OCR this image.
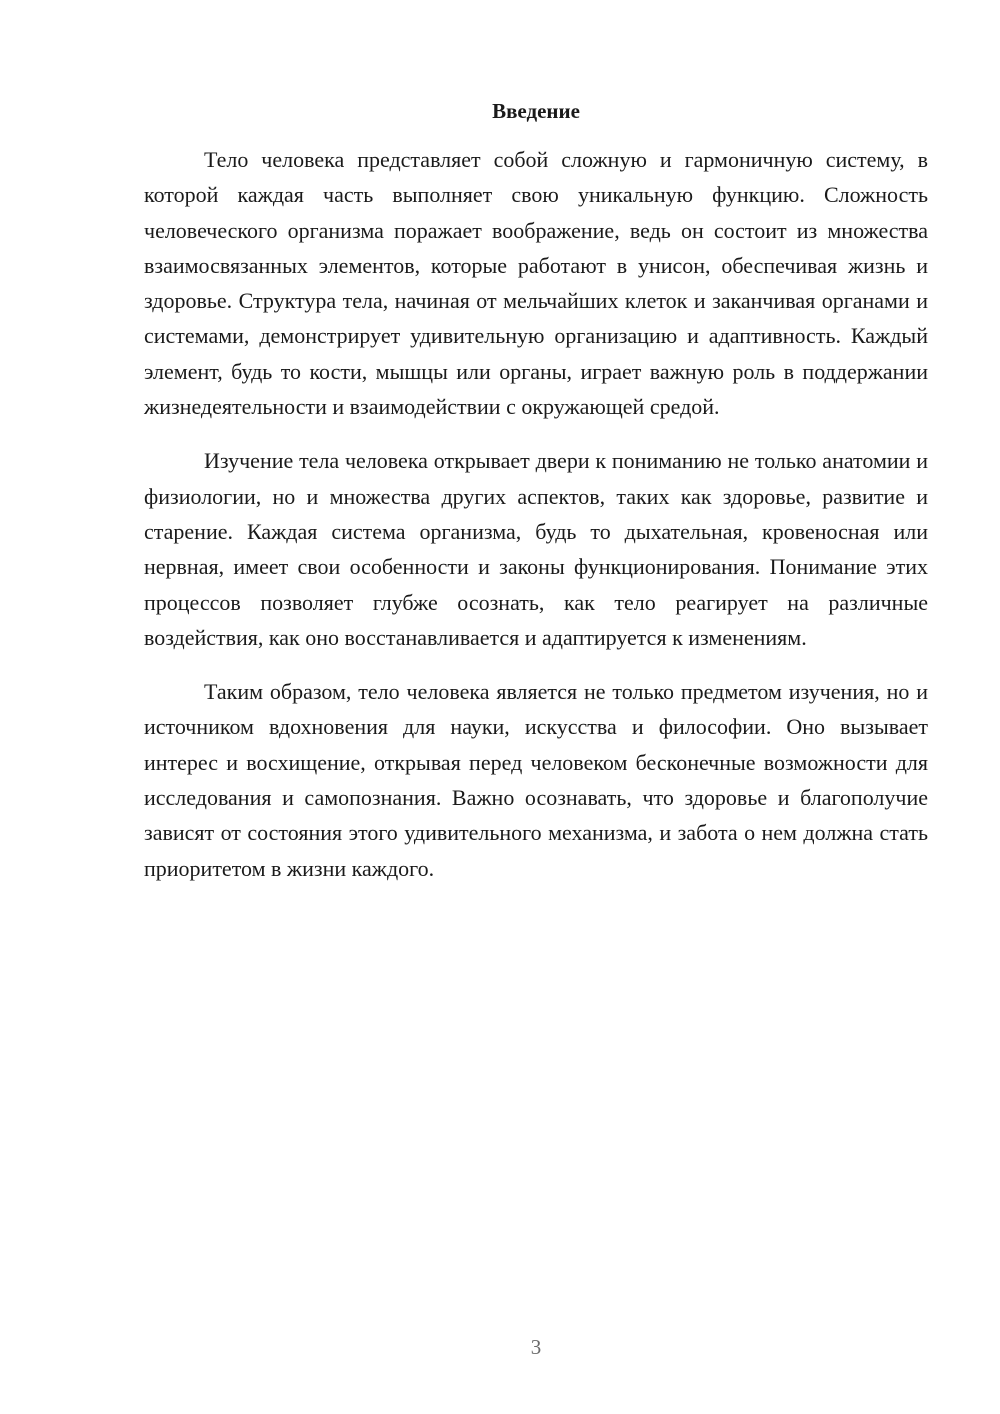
Введение

Тело человека представляет собой сложную и гармоничную систему, в которой каждая часть выполняет свою уникальную функцию. Сложность человеческого организма поражает воображение, ведь он состоит из множества взаимосвязанных элементов, которые работают в унисон, обеспечивая жизнь и здоровье. Структура тела, начиная от мельчайших клеток и заканчивая органами и системами, демонстрирует удивительную организацию и адаптивность. Каждый элемент, будь то кости, мышцы или органы, играет важную роль в поддержании жизнедеятельности и взаимодействии с окружающей средой.

Изучение тела человека открывает двери к пониманию не только анатомии и физиологии, но и множества других аспектов, таких как здоровье, развитие и старение. Каждая система организма, будь то дыхательная, кровеносная или нервная, имеет свои особенности и законы функционирования. Понимание этих процессов позволяет глубже осознать, как тело реагирует на различные воздействия, как оно восстанавливается и адаптируется к изменениям.

Таким образом, тело человека является не только предметом изучения, но и источником вдохновения для науки, искусства и философии. Оно вызывает интерес и восхищение, открывая перед человеком бесконечные возможности для исследования и самопознания. Важно осознавать, что здоровье и благополучие зависят от состояния этого удивительного механизма, и забота о нем должна стать приоритетом в жизни каждого.

3
